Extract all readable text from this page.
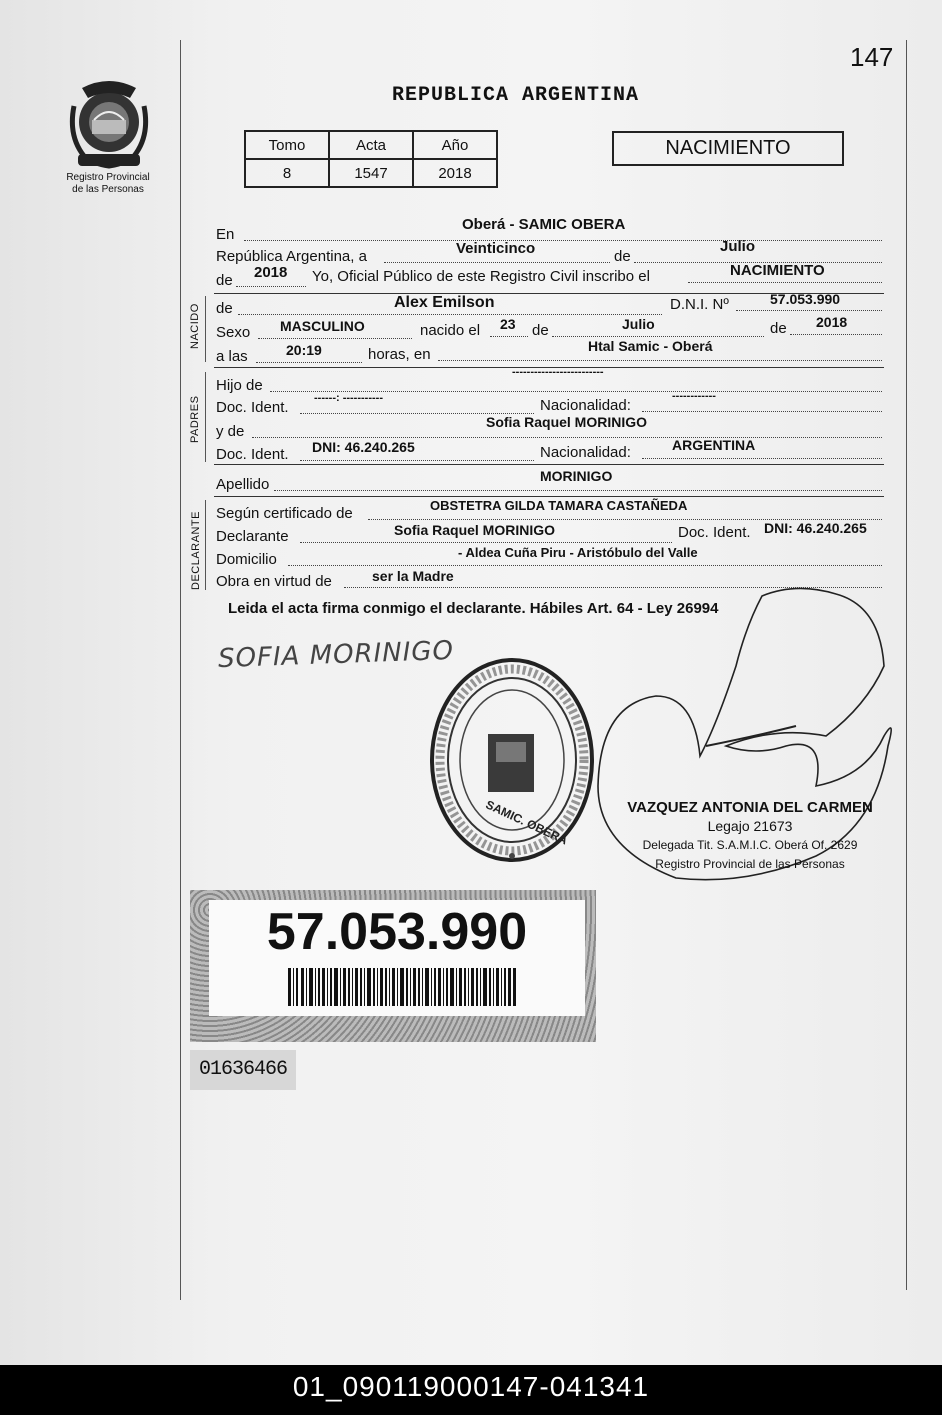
147
Registro Provincial
de las Personas
REPUBLICA ARGENTINA
Tomo	Acta	Año
8	1547	2018
NACIMIENTO
En
Oberá - SAMIC OBERA
República Argentina, a	Veinticinco	de
Julio
de 2018 Yo, Oficial Público de este Registro Civil inscribo el	NACIMIENTO
NACIDO de	Alex Emilson	D.N.I. Nº	57.053.990
Sexo MASCULINO	nacido el 23 de	Julio	de 2018
a las	20:19	horas, en	Htal Samic - Oberá
PADRES
Hijo de
-------------------------
Doc. Ident.
------: -----------	Nacionalidad:
------------
y de
Sofia Raquel MORINIGO
Doc. Ident. DNI: 46.240.265	Nacionalidad:	ARGENTINA
Apellido	MORINIGO
DECLARANTE Según certificado de	OBSTETRA GILDA TAMARA CASTAÑEDA
Declarante	Sofia Raquel MORINIGO	Doc. Ident. DNI: 46.240.265
Domicilio	- Aldea Cuña Piru - Aristóbulo del Valle
Obra en virtud de	ser la Madre
Leida el acta firma conmigo el declarante. Hábiles Art. 64 - Ley 26994
SOFIA MORINIGO
SAMIC. OBERÁ	VAZQUEZ ANTONIA DEL CARMEN
Legajo 21673
Delegada Tit. S.A.M.I.C. Oberá Of. 2629
Registro Provincial de las Personas
57.053.990
01636466
01_090119000147-041341
